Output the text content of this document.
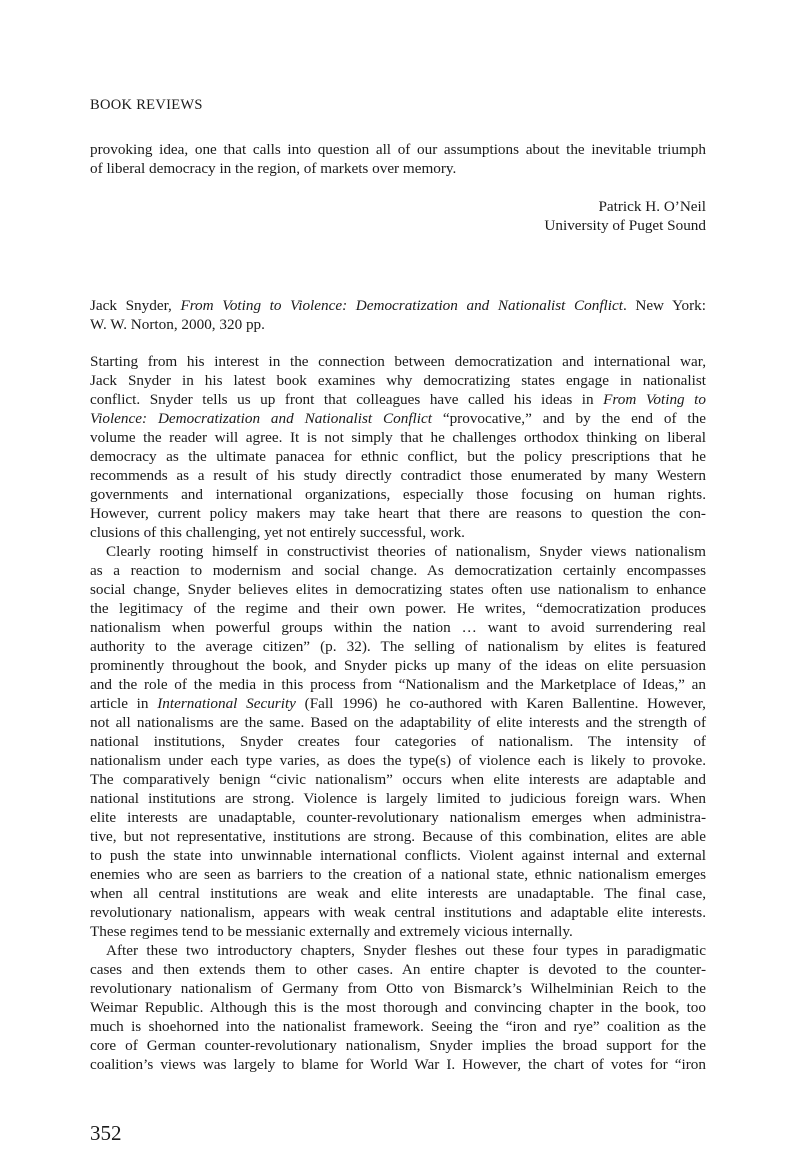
BOOK REVIEWS
provoking idea, one that calls into question all of our assumptions about the inevitable triumph
of liberal democracy in the region, of markets over memory.
Patrick H. O’Neil
University of Puget Sound
Jack Snyder, From Voting to Violence: Democratization and Nationalist Conflict. New York:
W. W. Norton, 2000, 320 pp.
Starting from his interest in the connection between democratization and international war,
Jack Snyder in his latest book examines why democratizing states engage in nationalist
conflict. Snyder tells us up front that colleagues have called his ideas in From Voting to
Violence: Democratization and Nationalist Conflict “provocative,” and by the end of the
volume the reader will agree. It is not simply that he challenges orthodox thinking on liberal
democracy as the ultimate panacea for ethnic conflict, but the policy prescriptions that he
recommends as a result of his study directly contradict those enumerated by many Western
governments and international organizations, especially those focusing on human rights.
However, current policy makers may take heart that there are reasons to question the con-
clusions of this challenging, yet not entirely successful, work.
Clearly rooting himself in constructivist theories of nationalism, Snyder views nationalism
as a reaction to modernism and social change. As democratization certainly encompasses
social change, Snyder believes elites in democratizing states often use nationalism to enhance
the legitimacy of the regime and their own power. He writes, “democratization produces
nationalism when powerful groups within the nation … want to avoid surrendering real
authority to the average citizen” (p. 32). The selling of nationalism by elites is featured
prominently throughout the book, and Snyder picks up many of the ideas on elite persuasion
and the role of the media in this process from “Nationalism and the Marketplace of Ideas,” an
article in International Security (Fall 1996) he co-authored with Karen Ballentine. However,
not all nationalisms are the same. Based on the adaptability of elite interests and the strength of
national institutions, Snyder creates four categories of nationalism. The intensity of
nationalism under each type varies, as does the type(s) of violence each is likely to provoke.
The comparatively benign “civic nationalism” occurs when elite interests are adaptable and
national institutions are strong. Violence is largely limited to judicious foreign wars. When
elite interests are unadaptable, counter-revolutionary nationalism emerges when administra-
tive, but not representative, institutions are strong. Because of this combination, elites are able
to push the state into unwinnable international conflicts. Violent against internal and external
enemies who are seen as barriers to the creation of a national state, ethnic nationalism emerges
when all central institutions are weak and elite interests are unadaptable. The final case,
revolutionary nationalism, appears with weak central institutions and adaptable elite interests.
These regimes tend to be messianic externally and extremely vicious internally.
After these two introductory chapters, Snyder fleshes out these four types in paradigmatic
cases and then extends them to other cases. An entire chapter is devoted to the counter-
revolutionary nationalism of Germany from Otto von Bismarck’s Wilhelminian Reich to the
Weimar Republic. Although this is the most thorough and convincing chapter in the book, too
much is shoehorned into the nationalist framework. Seeing the “iron and rye” coalition as the
core of German counter-revolutionary nationalism, Snyder implies the broad support for the
coalition’s views was largely to blame for World War I. However, the chart of votes for “iron
352
